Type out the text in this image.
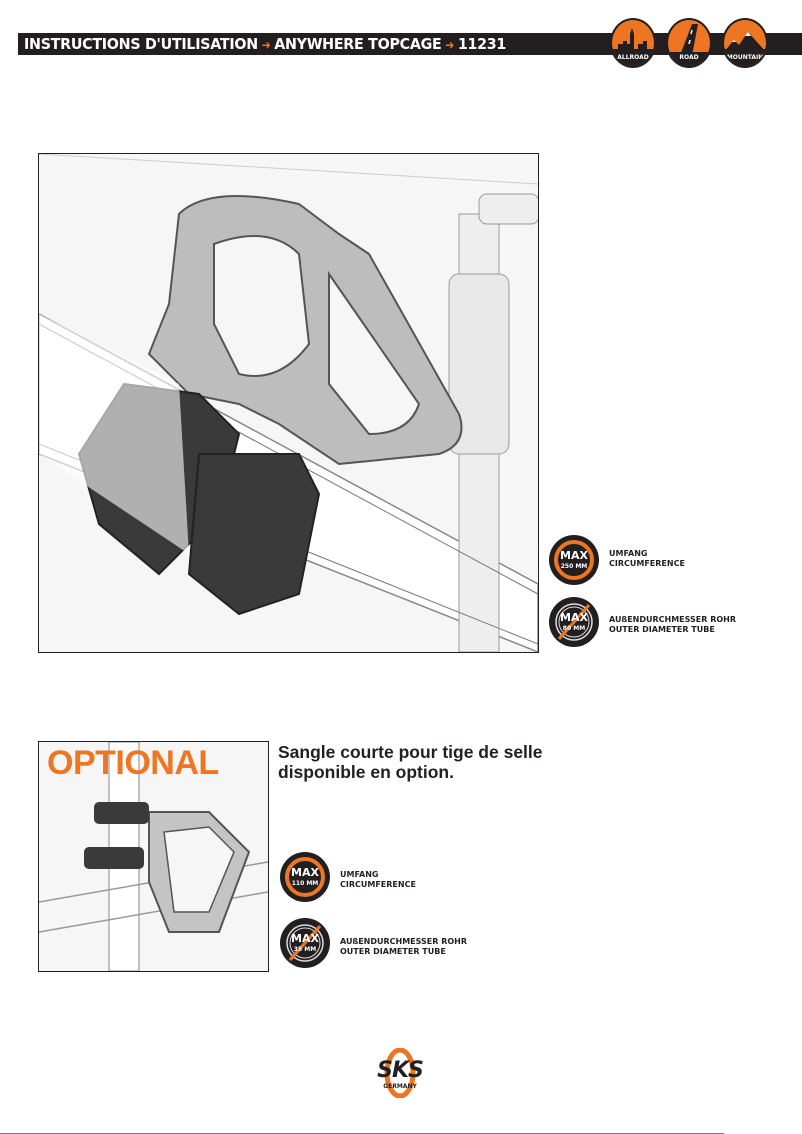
INSTRUCTIONS D'UTILISATION ➜ ANYWHERE TOPCAGE ➜ 11231
ALLROAD	ROAD	MOUNTAIN
MAX
250 MM
UMFANG
CIRCUMFERENCE
MAX
80 MM
AUßENDURCHMESSER ROHR
OUTER DIAMETER TUBE
OPTIONAL	Sangle courte pour tige de selle
disponible en option.
MAX
110 MM
UMFANG
CIRCUMFERENCE
MAX
35 MM
AUßENDURCHMESSER ROHR
OUTER DIAMETER TUBE
SKS
GERMANY
